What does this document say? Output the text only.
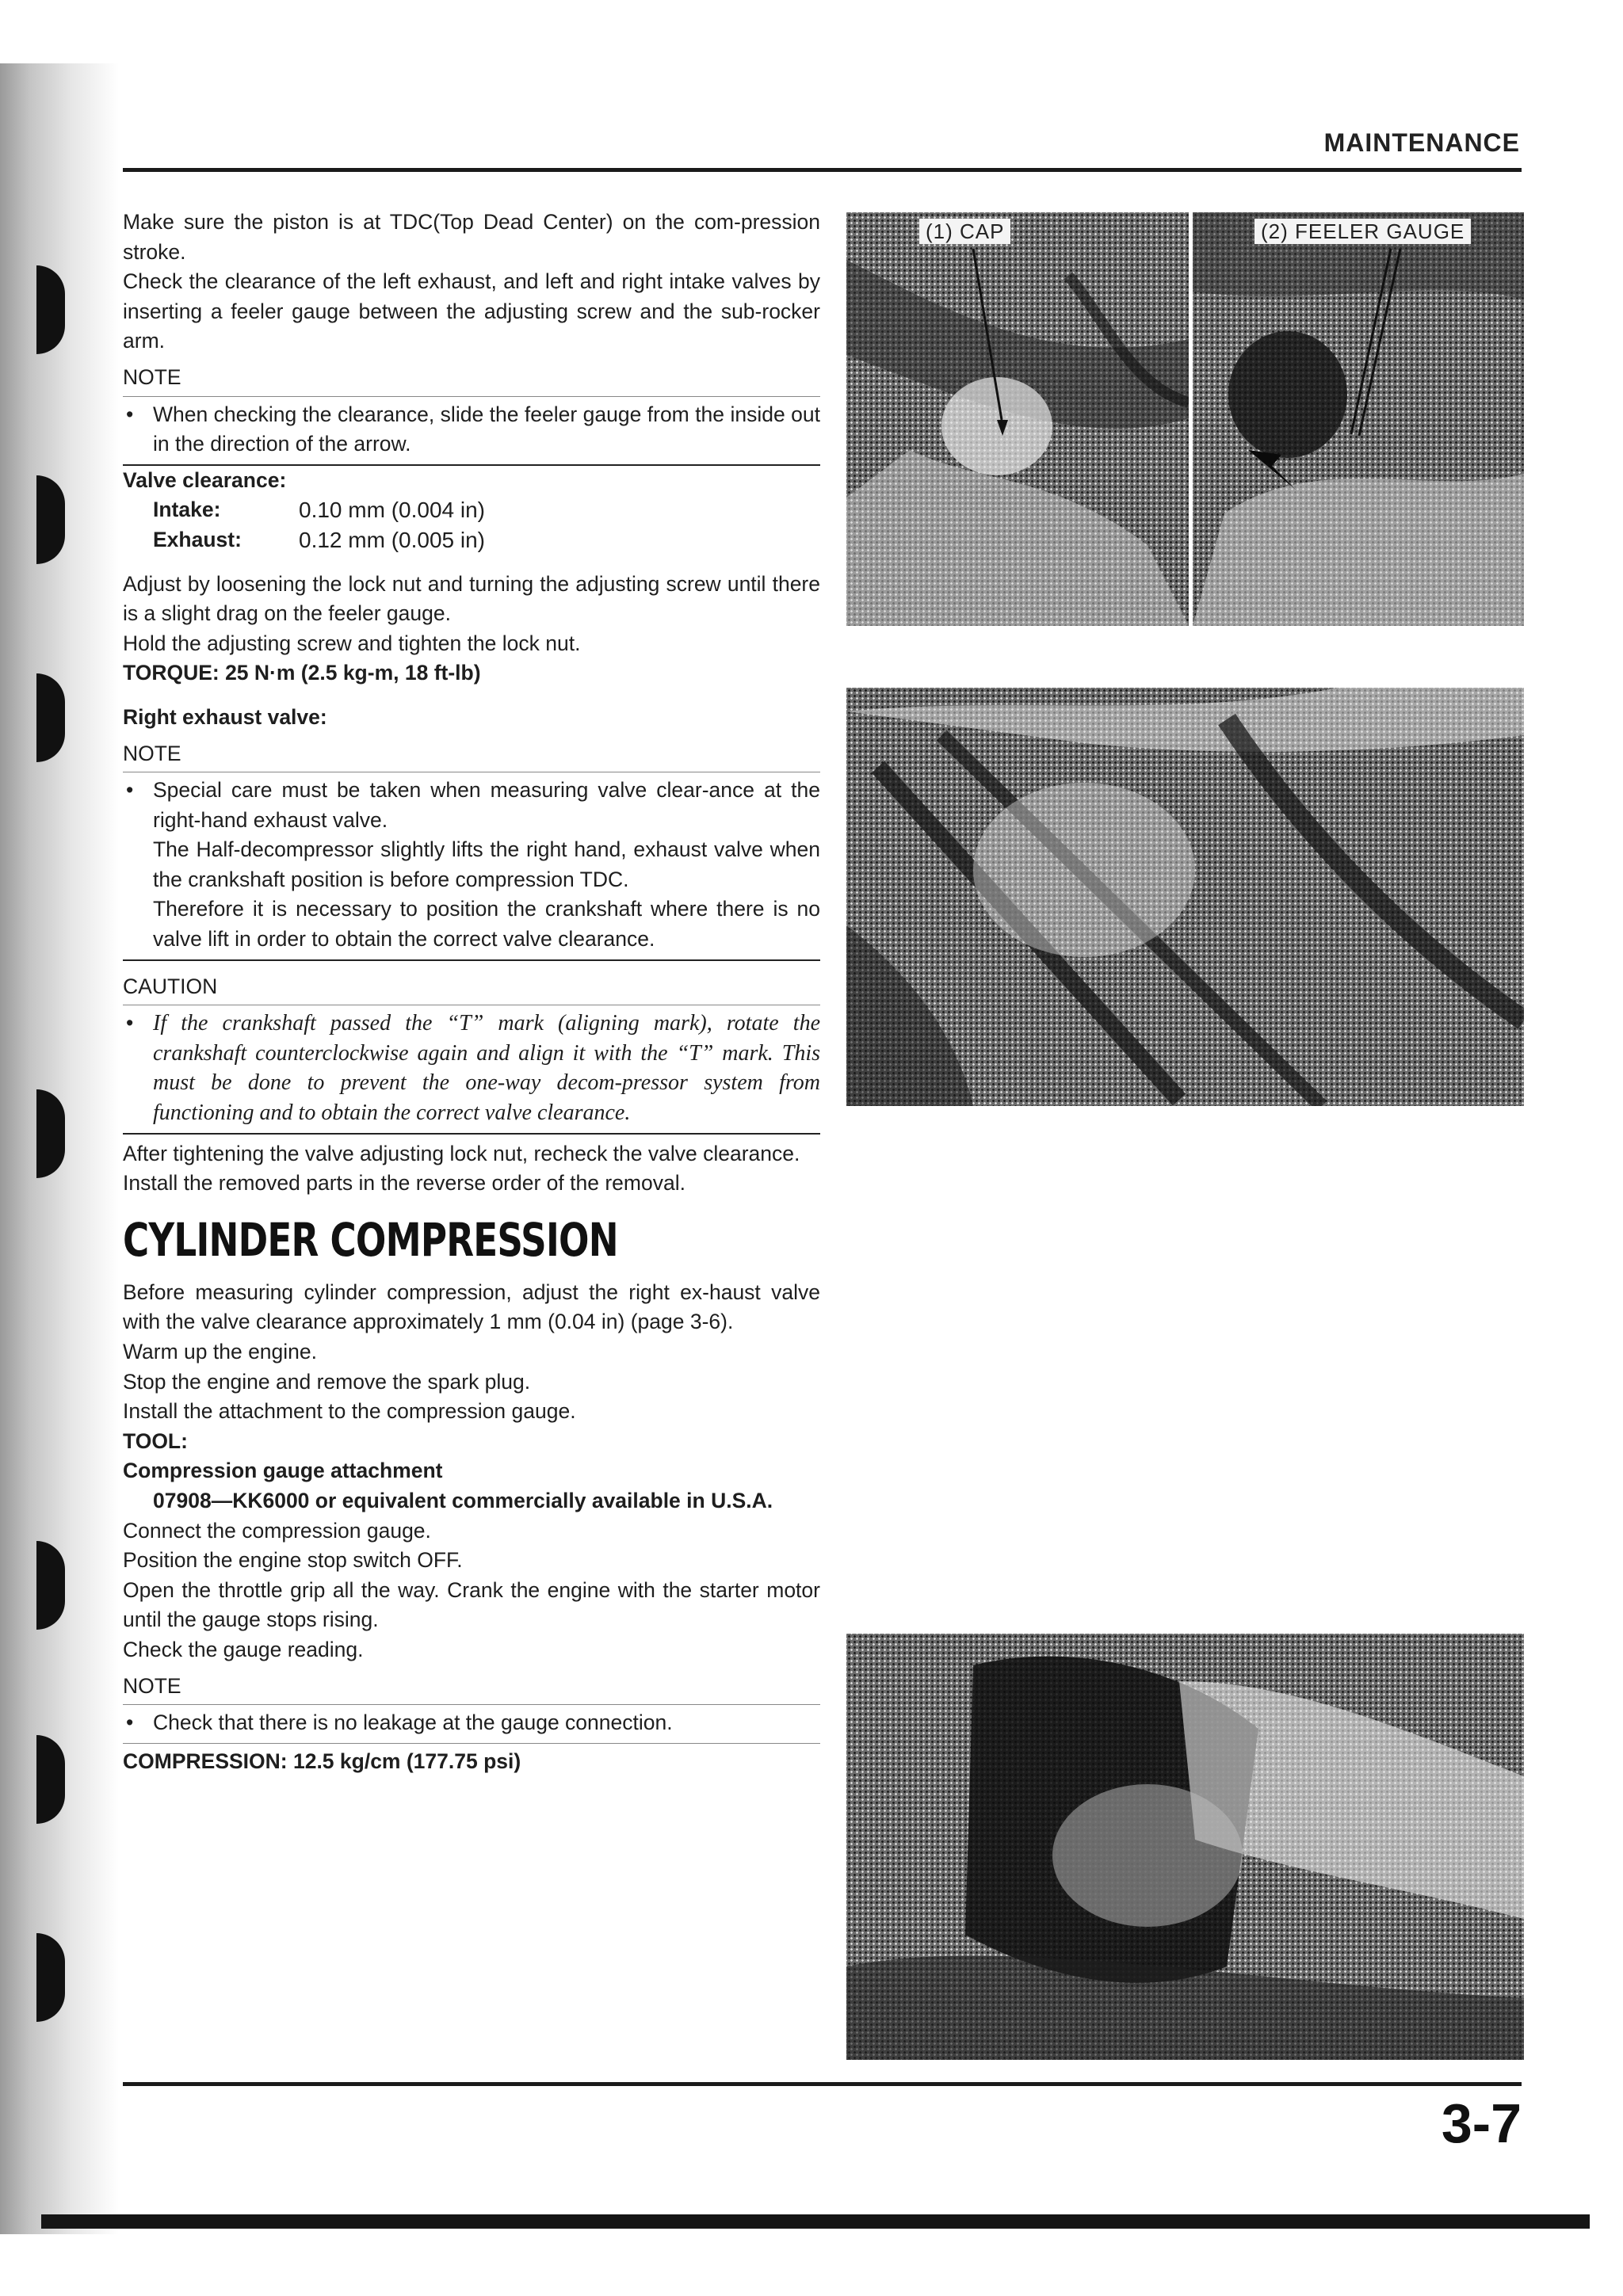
MAINTENANCE

Make sure the piston is at TDC(Top Dead Center) on the com-pression stroke.

Check the clearance of the left exhaust, and left and right intake valves by inserting a feeler gauge between the adjusting screw and the sub-rocker arm.

NOTE
• When checking the clearance, slide the feeler gauge from the inside out in the direction of the arrow.
Valve clearance:
Intake:	0.10 mm (0.004 in)
Exhaust:	0.12 mm (0.005 in)

Adjust by loosening the lock nut and turning the adjusting screw until there is a slight drag on the feeler gauge.

Hold the adjusting screw and tighten the lock nut.

TORQUE: 25 N·m (2.5 kg-m, 18 ft-lb)

Right exhaust valve:

NOTE
• Special care must be taken when measuring valve clear-ance at the right-hand exhaust valve.
The Half-decompressor slightly lifts the right hand, exhaust valve when the crankshaft position is before compression TDC.
Therefore it is necessary to position the crankshaft where there is no valve lift in order to obtain the correct valve clearance.
CAUTION
• If the crankshaft passed the “T” mark (aligning mark), rotate the crankshaft counterclockwise again and align it with the “T” mark. This must be done to prevent the one-way decom-pressor system from functioning and to obtain the correct valve clearance.

After tightening the valve adjusting lock nut, recheck the valve clearance.

Install the removed parts in the reverse order of the removal.

CYLINDER COMPRESSION

Before measuring cylinder compression, adjust the right ex-haust valve with the valve clearance approximately 1 mm (0.04 in) (page 3-6).

Warm up the engine.

Stop the engine and remove the spark plug.

Install the attachment to the compression gauge.

TOOL:

Compression gauge attachment

07908—KK6000 or equivalent commercially available in U.S.A.

Connect the compression gauge.

Position the engine stop switch OFF.

Open the throttle grip all the way. Crank the engine with the starter motor until the gauge stops rising.

Check the gauge reading.

NOTE
• Check that there is no leakage at the gauge connection.

COMPRESSION: 12.5 kg/cm (177.75 psi)

(1) CAP	(2) FEELER GAUGE
3-7
